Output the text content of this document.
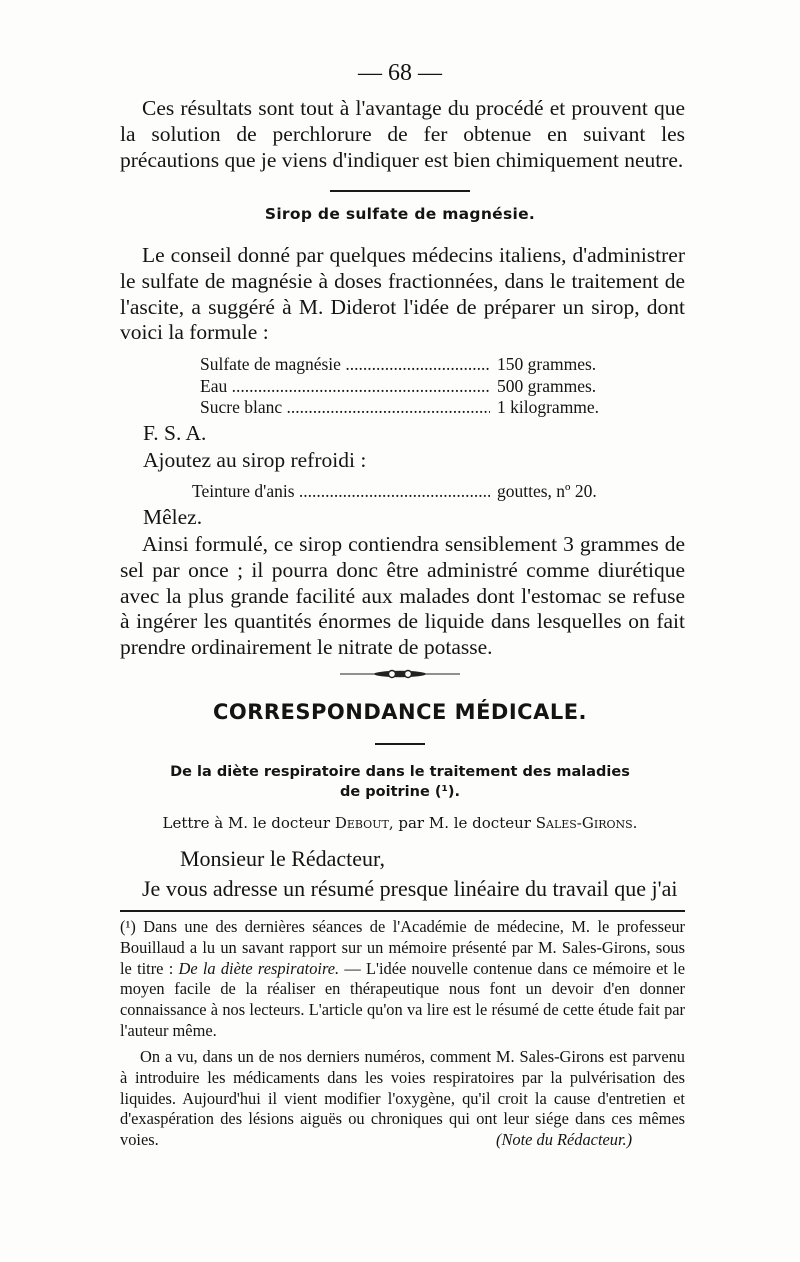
— 68 —

Ces résultats sont tout à l'avantage du procédé et prouvent que la solution de perchlorure de fer obtenue en suivant les précautions que je viens d'indiquer est bien chimiquement neutre.

Sirop de sulfate de magnésie.

Le conseil donné par quelques médecins italiens, d'administrer le sulfate de magnésie à doses fractionnées, dans le traitement de l'ascite, a suggéré à M. Diderot l'idée de préparer un sirop, dont voici la formule :

Sulfate de magnésie .....	150 grammes.
Eau .....	500 grammes.
Sucre blanc .....	1 kilogramme.
F. S. A.
Ajoutez au sirop refroidi :
Teinture d'anis .....	gouttes, nº 20.
Mêlez.

Ainsi formulé, ce sirop contiendra sensiblement 3 grammes de sel par once ; il pourra donc être administré comme diurétique avec la plus grande facilité aux malades dont l'estomac se refuse à ingérer les quantités énormes de liquide dans lesquelles on fait prendre ordinairement le nitrate de potasse.

CORRESPONDANCE MÉDICALE.
De la diète respiratoire dans le traitement des maladies
de poitrine (¹).
Lettre à M. le docteur Debout, par M. le docteur Sales-Girons.
Monsieur le Rédacteur,
Je vous adresse un résumé presque linéaire du travail que j'ai

(¹) Dans une des dernières séances de l'Académie de médecine, M. le professeur Bouillaud a lu un savant rapport sur un mémoire présenté par M. Sales-Girons, sous le titre : De la diète respiratoire. — L'idée nouvelle contenue dans ce mémoire et le moyen facile de la réaliser en thérapeutique nous font un devoir d'en donner connaissance à nos lecteurs. L'article qu'on va lire est le résumé de cette étude fait par l'auteur même.

On a vu, dans un de nos derniers numéros, comment M. Sales-Girons est parvenu à introduire les médicaments dans les voies respiratoires par la pulvérisation des liquides. Aujourd'hui il vient modifier l'oxygène, qu'il croit la cause d'entretien et d'exaspération des lésions aiguës ou chroniques qui ont leur siége dans ces mêmes voies.	(Note du Rédacteur.)
